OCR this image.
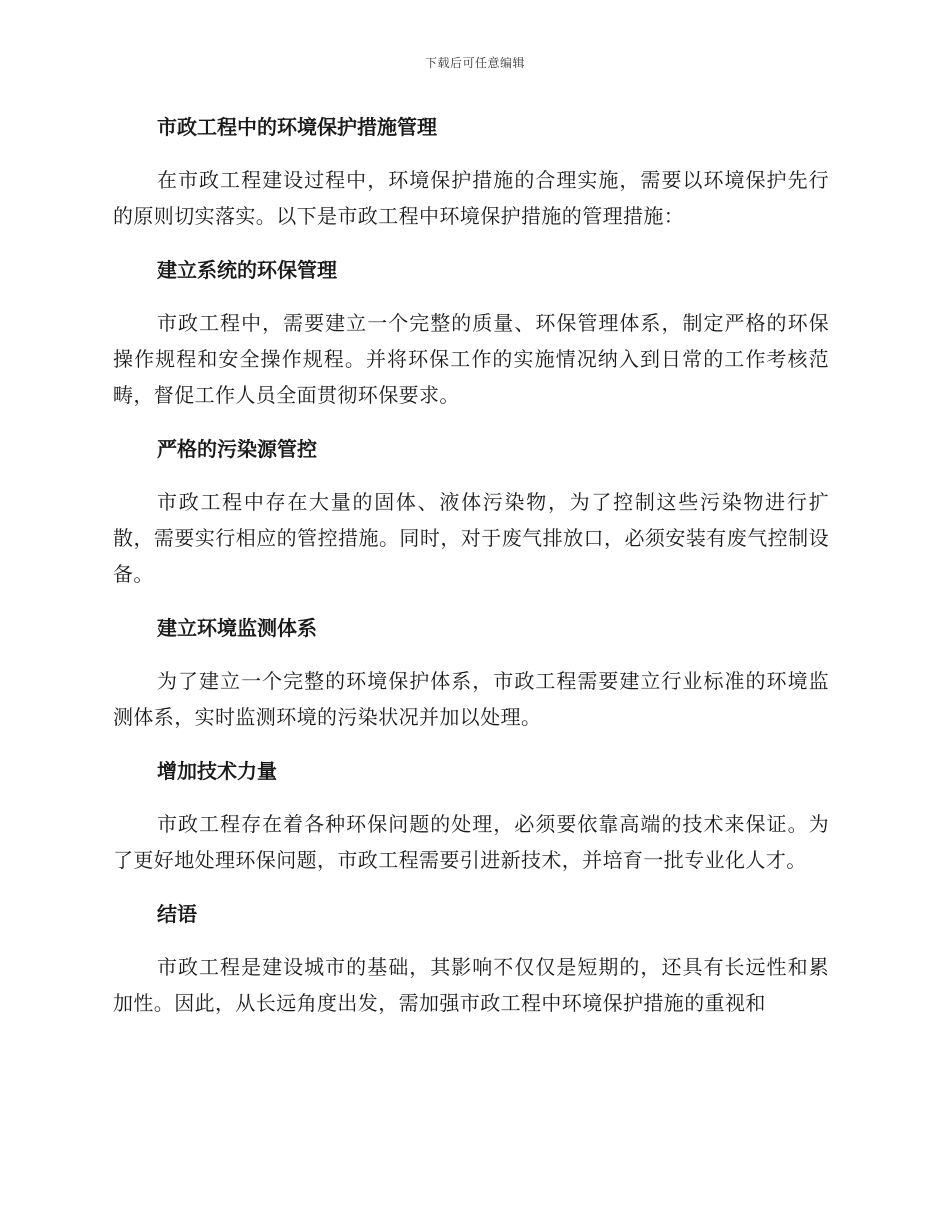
下载后可任意编辑
市政工程中的环境保护措施管理

在市政工程建设过程中，环境保护措施的合理实施，需要以环境保护先行的原则切实落实。以下是市政工程中环境保护措施的管理措施：

建立系统的环保管理

市政工程中，需要建立一个完整的质量、环保管理体系，制定严格的环保操作规程和安全操作规程。并将环保工作的实施情况纳入到日常的工作考核范畴，督促工作人员全面贯彻环保要求。

严格的污染源管控

市政工程中存在大量的固体、液体污染物，为了控制这些污染物进行扩散，需要实行相应的管控措施。同时，对于废气排放口，必须安装有废气控制设备。

建立环境监测体系

为了建立一个完整的环境保护体系，市政工程需要建立行业标准的环境监测体系，实时监测环境的污染状况并加以处理。

增加技术力量

市政工程存在着各种环保问题的处理，必须要依靠高端的技术来保证。为了更好地处理环保问题，市政工程需要引进新技术，并培育一批专业化人才。

结语

市政工程是建设城市的基础，其影响不仅仅是短期的，还具有长远性和累加性。因此，从长远角度出发，需加强市政工程中环境保护措施的重视和
